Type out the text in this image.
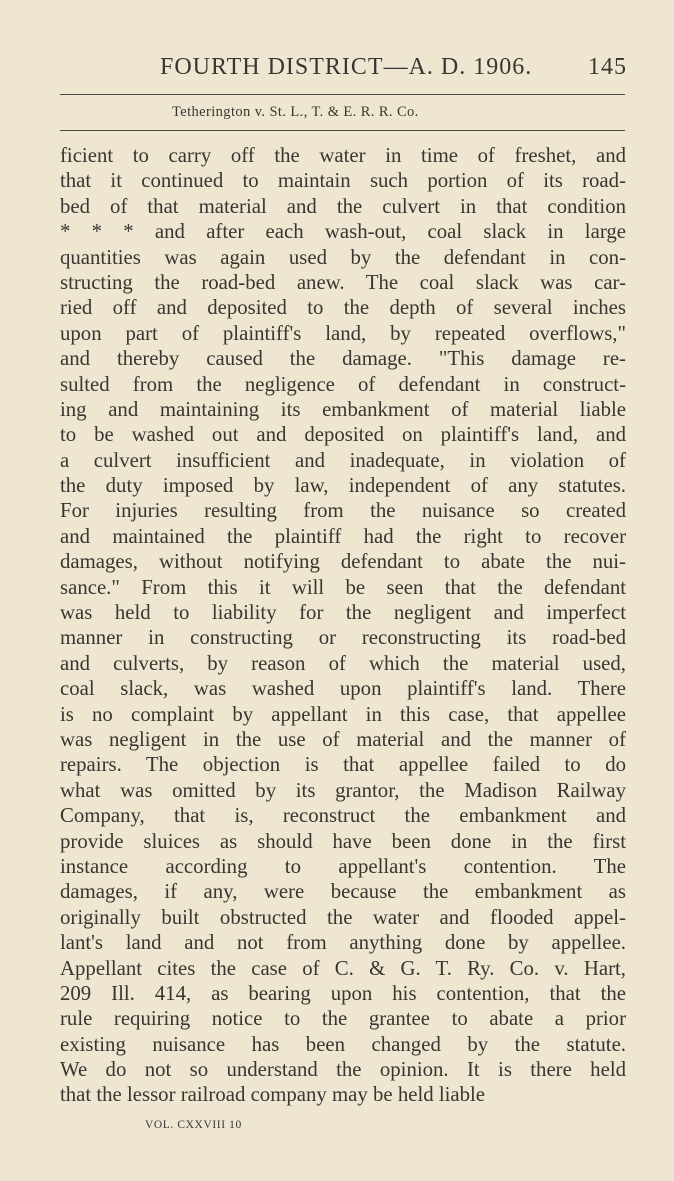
FOURTH DISTRICT—A. D. 1906. 145
Tetherington v. St. L., T. & E. R. R. Co.
ficient to carry off the water in time of freshet, and
that it continued to maintain such portion of its road-
bed of that material and the culvert in that condition
* * * and after each wash-out, coal slack in large
quantities was again used by the defendant in con-
structing the road-bed anew. The coal slack was car-
ried off and deposited to the depth of several inches
upon part of plaintiff's land, by repeated overflows,"
and thereby caused the damage. "This damage re-
sulted from the negligence of defendant in construct-
ing and maintaining its embankment of material liable
to be washed out and deposited on plaintiff's land, and
a culvert insufficient and inadequate, in violation of
the duty imposed by law, independent of any statutes.
For injuries resulting from the nuisance so created
and maintained the plaintiff had the right to recover
damages, without notifying defendant to abate the nui-
sance." From this it will be seen that the defendant
was held to liability for the negligent and imperfect
manner in constructing or reconstructing its road-bed
and culverts, by reason of which the material used,
coal slack, was washed upon plaintiff's land. There
is no complaint by appellant in this case, that appellee
was negligent in the use of material and the manner of
repairs. The objection is that appellee failed to do
what was omitted by its grantor, the Madison Railway
Company, that is, reconstruct the embankment and
provide sluices as should have been done in the first
instance according to appellant's contention. The
damages, if any, were because the embankment as
originally built obstructed the water and flooded appel-
lant's land and not from anything done by appellee.
Appellant cites the case of C. & G. T. Ry. Co. v. Hart,
209 Ill. 414, as bearing upon his contention, that the
rule requiring notice to the grantee to abate a prior
existing nuisance has been changed by the statute.
We do not so understand the opinion. It is there held
that the lessor railroad company may be held liable
VOL. CXXVIII 10
